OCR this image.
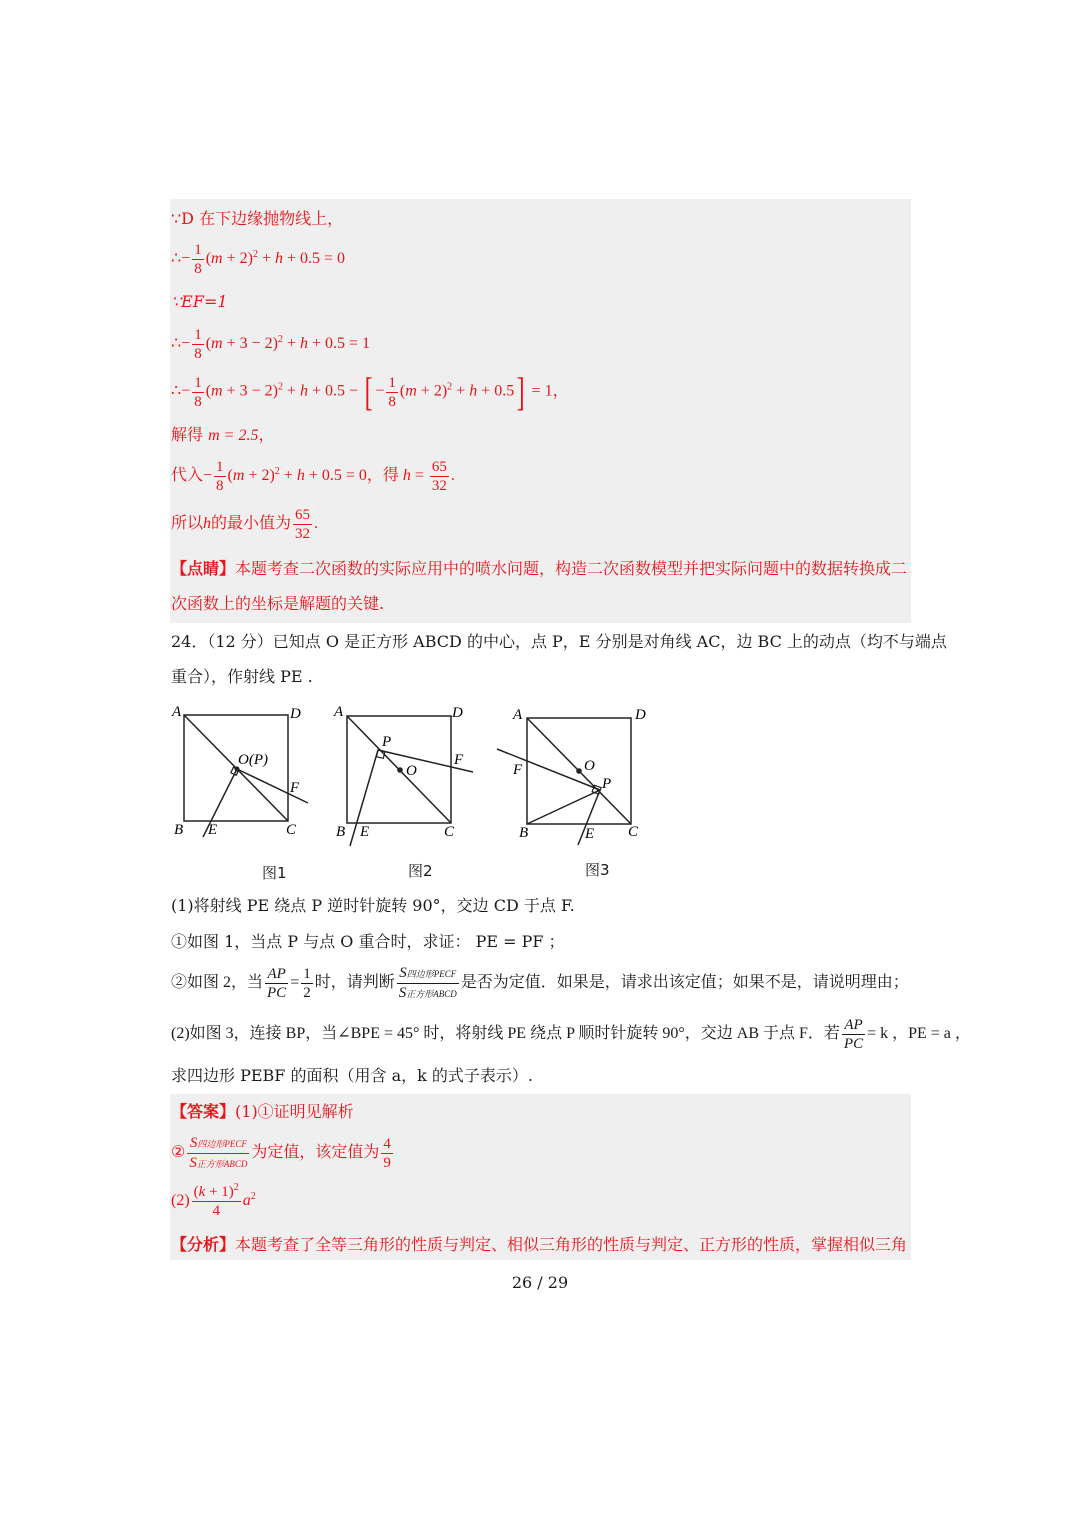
∵D 在下边缘抛物线上，
∴− $\frac{1}{8} (m + 2)^2 + h + 0.5 = 0$
∵EF=1
∴− $\frac{1}{8} (m + 3 - 2)^2 + h + 0.5 = 1$
∴− $\frac{1}{8} (m + 3 - 2)^2 + h + 0.5$ − [ − $\frac{1}{8} (m + 2)^2 + h + 0.5] = 1$，
解得 m = 2.5，
代入− $\frac{1}{8} (m + 2)^2 + h + 0.5 = 0$，得 $h = \frac{65}{32}$ .
所以h的最小值为 $\frac{65}{32}$ .
【点睛】本题考查二次函数的实际应用中的喷水问题，构造二次函数模型并把实际问题中的数据转换成二
次函数上的坐标是解题的关键.
24．（12 分）已知点 O 是正方形 ABCD 的中心，点 P，E 分别是对角线 AC，边 BC 上的动点（均不与端点
重合），作射线 PE .
A	D
B E	C
F
O(P)
图1
A	D
B E	C
F
P
O
图2
A	D
B	E C
F
P
O
图3
(1)将射线 PE 绕点 P 逆时针旋转 90°，交边 CD 于点 F.
①如图 1，当点 P 与点 O 重合时，求证： PE = PF ；
②如图 2，当 $\frac{AP}{PC} = \frac{1}{2}$ 时，请判断 $\frac{\text{S四边形PECF}}{\text{S正方形ABCD}}$ 是否为定值．如果是，请求出该定值；如果不是，请说明理由；
(2)如图 3，连接 BP，当∠BPE = 45° 时，将射线 PE 绕点 P 顺时针旋转 90°，交边 AB 于点 F．若 $\frac{AP}{PC} = k$ ，PE = a ，
求四边形 PEBF 的面积（用含 a，k 的式子表示）.
【答案】(1)①证明见解析
② $\frac{\text{S四边形PECF}}{\text{S正方形ABCD}}$ 为定值，该定值为 $\frac{4}{9}$
$(2) \frac{(k + 1)^2}{4} a^2$
【分析】本题考查了全等三角形的性质与判定、相似三角形的性质与判定、正方形的性质，掌握相似三角
26 / 29
